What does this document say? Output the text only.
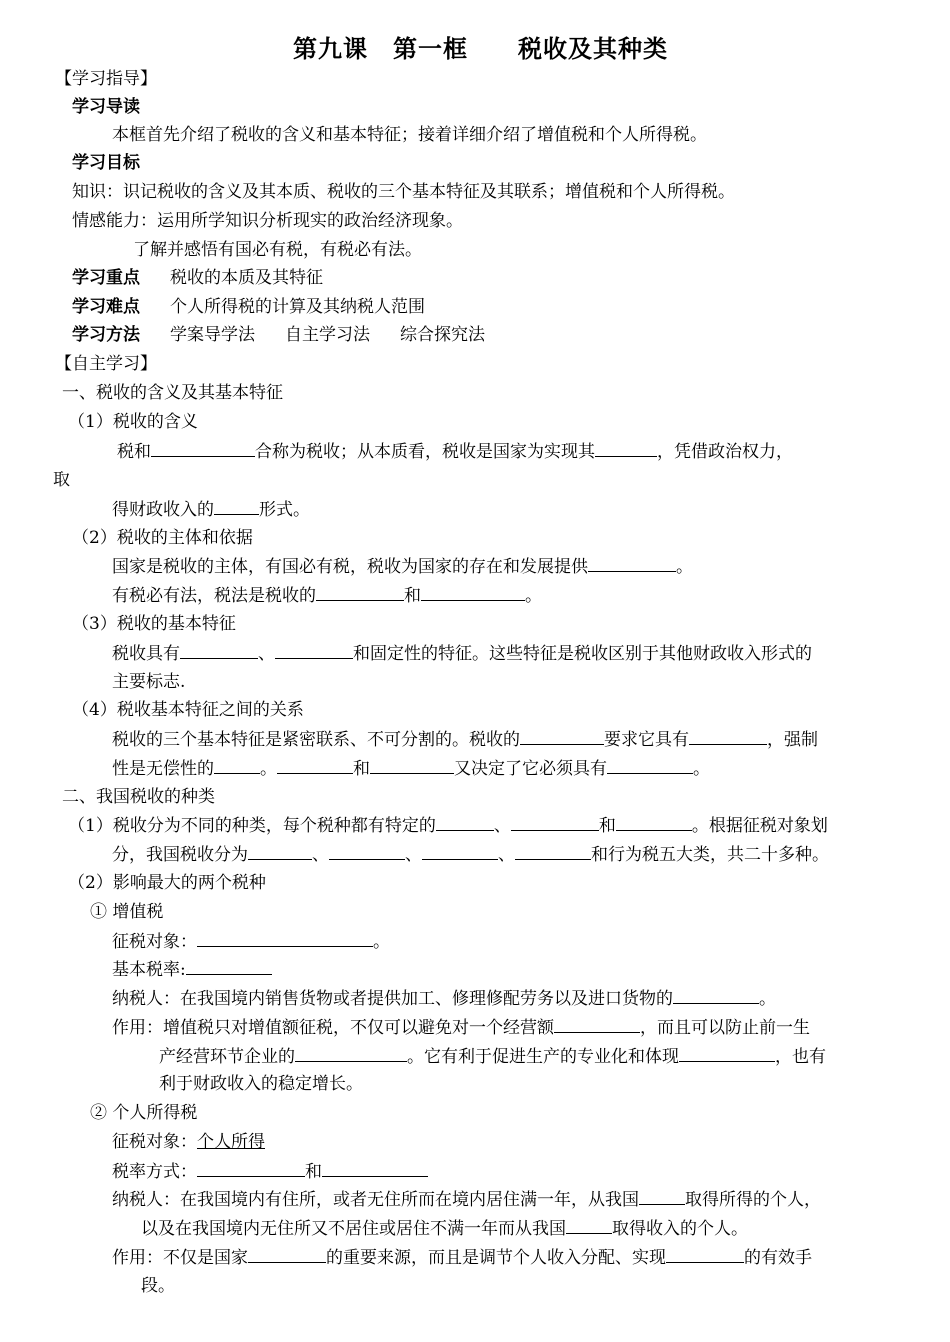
第九课　第一框　　税收及其种类
【学习指导】
学习导读
本框首先介绍了税收的含义和基本特征；接着详细介绍了增值税和个人所得税。
学习目标
知识：识记税收的含义及其本质、税收的三个基本特征及其联系；增值税和个人所得税。
情感能力：运用所学知识分析现实的政治经济现象。
了解并感悟有国必有税，有税必有法。
学习重点 税收的本质及其特征
学习难点 个人所得税的计算及其纳税人范围
学习方法 学案导学法 自主学习法 综合探究法
【自主学习】
一、税收的含义及其基本特征
（1）税收的含义
税和	合称为税收；从本质看，税收是国家为实现其	，凭借政治权力，
取
得财政收入的	形式。
（2）税收的主体和依据
国家是税收的主体，有国必有税，税收为国家的存在和发展提供	。
有税必有法，税法是税收的	和	。
（3）税收的基本特征
税收具有	、	和固定性的特征。这些特征是税收区别于其他财政收入形式的
主要标志.
（4）税收基本特征之间的关系
税收的三个基本特征是紧密联系、不可分割的。税收的	要求它具有	，强制
性是无偿性的	。	和	又决定了它必须具有	。
二、我国税收的种类
（1）税收分为不同的种类，每个税种都有特定的	、	和	。根据征税对象划
分，我国税收分为	、	、	、	和行为税五大类，共二十多种。
（2）影响最大的两个税种
① 增值税
征税对象：	。
基本税率:
纳税人：在我国境内销售货物或者提供加工、修理修配劳务以及进口货物的	。
作用：增值税只对增值额征税，不仅可以避免对一个经营额	，而且可以防止前一生
产经营环节企业的	。它有利于促进生产的专业化和体现	，也有
利于财政收入的稳定增长。
② 个人所得税
征税对象：个人所得
税率方式：	和
纳税人：在我国境内有住所，或者无住所而在境内居住满一年，从我国	取得所得的个人，
以及在我国境内无住所又不居住或居住不满一年而从我国	取得收入的个人。
作用：不仅是国家	的重要来源，而且是调节个人收入分配、实现	的有效手
段。
